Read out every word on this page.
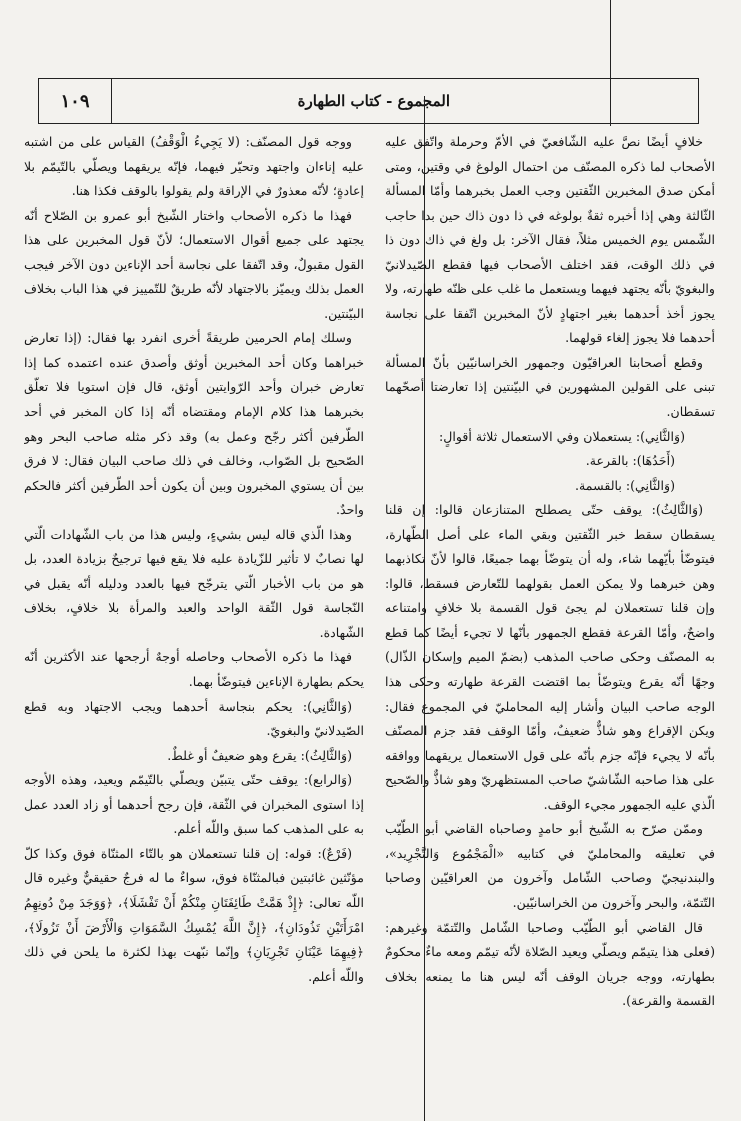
١٠٩	المجموع - كتاب الطهارة

خلافٍ أيضًا نصَّ عليه الشّافعيّ في الأمّ وحرملة واتّفق عليه الأصحاب لما ذكره المصنّف من احتمال الولوغ في وقتين، ومتى أمكن صدق المخبرين الثّقتين وجب العمل بخبرهما وأمّا المسألة الثّالثة وهي إذا أخبره ثقةٌ بولوغه في ذا دون ذاك حين بدا حاجب الشّمس يوم الخميس مثلاً، فقال الآخر: بل ولغ في ذاك دون ذا في ذلك الوقت، فقد اختلف الأصحاب فيها فقطع الصّيدلانيّ والبغويّ بأنّه يجتهد فيهما ويستعمل ما غلب على ظنّه طهارته، ولا يجوز أخذ أحدهما بغير اجتهادٍ لأنّ المخبرين اتّفقا على نجاسة أحدهما فلا يجوز إلغاء قولهما.

وقطع أصحابنا العراقيّون وجمهور الخراسانيّين بأنّ المسألة تبنى على القولين المشهورين في البيّنتين إذا تعارضتا أصحّهما تسقطان.

(وَالثَّانِي): يستعملان وفي الاستعمال ثلاثة أقوالٍ:

(أَحَدُهَا): بالقرعة.

(وَالثَّانِي): بالقسمة.

(وَالثَّالِثُ): يوقف حتّى يصطلح المتنازعان قالوا: إن قلنا يسقطان سقط خبر الثّقتين وبقي الماء على أصل الطّهارة، فيتوضّأ بأيّهما شاء، وله أن يتوضّأ بهما جميعًا، قالوا لأنّ تكاذبهما وهن خبرهما ولا يمكن العمل بقولهما للتّعارض فسقط، قالوا: وإن قلنا تستعملان لم يجئ قول القسمة بلا خلافٍ وامتناعه واضحٌ، وأمّا القرعة فقطع الجمهور بأنّها لا تجيء أيضًا كما قطع به المصنّف وحكى صاحب المذهب (بضمّ الميم وإسكان الذّال) وجهًا أنّه يقرع ويتوضّأ بما اقتضت القرعة طهارته وحكى هذا الوجه صاحب البيان وأشار إليه المحامليّ في المجموع فقال: ويكن الإقراع وهو شاذٌّ ضعيفٌ، وأمّا الوقف فقد جزم المصنّف بأنّه لا يجيء فإنّه جزم بأنّه على قول الاستعمال يريقهما ووافقه على هذا صاحبه الشّاشيّ صاحب المستظهريّ وهو شاذٌّ والصّحيح الّذي عليه الجمهور مجيء الوقف.

وممّن صرّح به الشّيخ أبو حامدٍ وصاحباه القاضي أبو الطّيّب في تعليقه والمحامليّ في كتابيه «الْمَجْمُوع وَالتَّجْرِيد»، والبندنيجيّ وصاحب الشّامل وآخرون من العراقيّين وصاحبا التّتمّة، والبحر وآخرون من الخراسانيّين.

قال القاضي أبو الطّيّب وصاحبا الشّامل والتّتمّة وغيرهم: (فعلى هذا يتيمّم ويصلّي ويعيد الصّلاة لأنّه تيمّم ومعه ماءٌ محكومٌ بطهارته، ووجه جريان الوقف أنّه ليس هنا ما يمنعه بخلاف القسمة والقرعة).

ووجه قول المصنّف: (لا يَجِيءُ الْوَقْفُ) القياس على من اشتبه عليه إناءان واجتهد وتحيّر فيهما، فإنّه يريقهما ويصلّي بالتّيمّم بلا إعادةٍ؛ لأنّه معذورٌ في الإراقة ولم يقولوا بالوقف فكذا هنا.

فهذا ما ذكره الأصحاب واختار الشّيخ أبو عمرو بن الصّلاح أنّه يجتهد على جميع أقوال الاستعمال؛ لأنّ قول المخبرين على هذا القول مقبولٌ، وقد اتّفقا على نجاسة أحد الإناءين دون الآخر فيجب العمل بذلك ويميّز بالاجتهاد لأنّه طريقٌ للتّمييز في هذا الباب بخلاف البيّنتين.

وسلك إمام الحرمين طريقةً أخرى انفرد بها فقال: (إذا تعارض خبراهما وكان أحد المخبرين أوثق وأصدق عنده اعتمده كما إذا تعارض خبران وأحد الرّوايتين أوثق، قال فإن استويا فلا تعلّق بخبرهما هذا كلام الإمام ومقتضاه أنّه إذا كان المخبر في أحد الطّرفين أكثر رجّح وعمل به) وقد ذكر مثله صاحب البحر وهو الصّحيح بل الصّواب، وخالف في ذلك صاحب البيان فقال: لا فرق بين أن يستوي المخبرون وبين أن يكون أحد الطّرفين أكثر فالحكم واحدٌ.

وهذا الّذي قاله ليس بشيءٍ، وليس هذا من باب الشّهادات الّتي لها نصابٌ لا تأثير للزّيادة عليه فلا يقع فيها ترجيحٌ بزيادة العدد، بل هو من باب الأخبار الّتي يترجّح فيها بالعدد ودليله أنّه يقبل في النّجاسة قول الثّقة الواحد والعبد والمرأة بلا خلافٍ، بخلاف الشّهادة.

فهذا ما ذكره الأصحاب وحاصله أوجهٌ أرجحها عند الأكثرين أنّه يحكم بطهارة الإناءين فيتوضّأ بهما.

(وَالثَّانِي): يحكم بنجاسة أحدهما ويجب الاجتهاد وبه قطع الصّيدلانيّ والبغويّ.

(وَالثَّالِثُ): يقرع وهو ضعيفٌ أو غلطٌ.

(وَالرابع): يوقف حتّى يتبيّن ويصلّي بالتّيمّم ويعيد، وهذه الأوجه إذا استوى المخبران في الثّقة، فإن رجح أحدهما أو زاد العدد عمل به على المذهب كما سبق واللّه أعلم.

(فَرْعٌ): قوله: إن قلنا تستعملان هو بالتّاء المثنّاة فوق وكذا كلّ مؤنّثين غائبتين فبالمثنّاة فوق، سواءٌ ما له فرجٌ حقيقيٌّ وغيره قال اللّه تعالى: ﴿إِذْ هَمَّتْ طَائِفَتَانِ مِنْكُمْ أَنْ تَفْشَلَا﴾، ﴿وَوَجَدَ مِنْ دُونِهِمُ امْرَأَتَيْنِ تَذُودَانِ﴾، ﴿إِنَّ اللَّهَ يُمْسِكُ السَّمَوَاتِ وَالْأَرْضَ أَنْ تَزُولَا﴾، ﴿فِيهِمَا عَيْنَانِ تَجْرِيَانِ﴾ وإنّما نبّهت بهذا لكثرة ما يلحن في ذلك واللّه أعلم.
